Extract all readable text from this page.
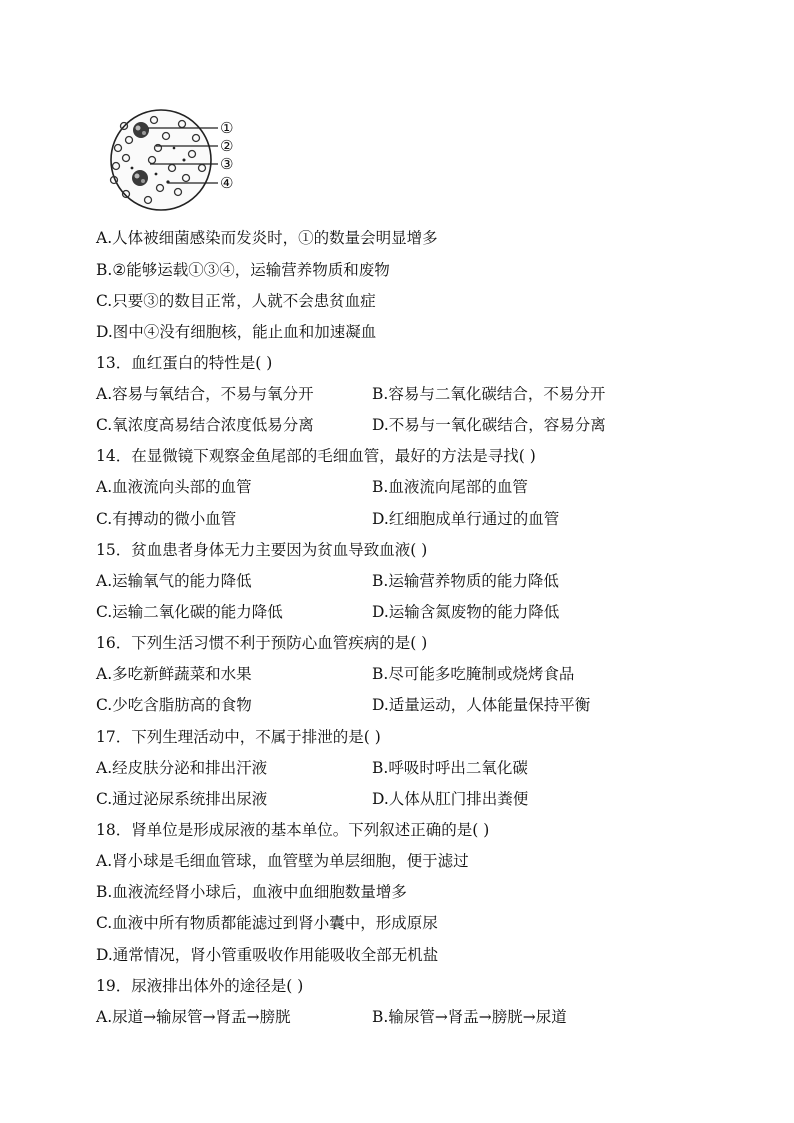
①
②
③
④
A.人体被细菌感染而发炎时，①的数量会明显增多
B.②能够运载①③④，运输营养物质和废物
C.只要③的数目正常，人就不会患贫血症
D.图中④没有细胞核，能止血和加速凝血
13．血红蛋白的特性是( )
A.容易与氧结合，不易与氧分开	B.容易与二氧化碳结合，不易分开
C.氧浓度高易结合浓度低易分离	D.不易与一氧化碳结合，容易分离
14．在显微镜下观察金鱼尾部的毛细血管，最好的方法是寻找( )
A.血液流向头部的血管	B.血液流向尾部的血管
C.有搏动的微小血管	D.红细胞成单行通过的血管
15．贫血患者身体无力主要因为贫血导致血液( )
A.运输氧气的能力降低	B.运输营养物质的能力降低
C.运输二氧化碳的能力降低	D.运输含氮废物的能力降低
16．下列生活习惯不利于预防心血管疾病的是( )
A.多吃新鲜蔬菜和水果	B.尽可能多吃腌制或烧烤食品
C.少吃含脂肪高的食物	D.适量运动，人体能量保持平衡
17．下列生理活动中，不属于排泄的是( )
A.经皮肤分泌和排出汗液	B.呼吸时呼出二氧化碳
C.通过泌尿系统排出尿液	D.人体从肛门排出粪便
18．肾单位是形成尿液的基本单位。下列叙述正确的是( )
A.肾小球是毛细血管球，血管壁为单层细胞，便于滤过
B.血液流经肾小球后，血液中血细胞数量增多
C.血液中所有物质都能滤过到肾小囊中，形成原尿
D.通常情况，肾小管重吸收作用能吸收全部无机盐
19．尿液排出体外的途径是( )
A.尿道→输尿管→肾盂→膀胱	B.输尿管→肾盂→膀胱→尿道
